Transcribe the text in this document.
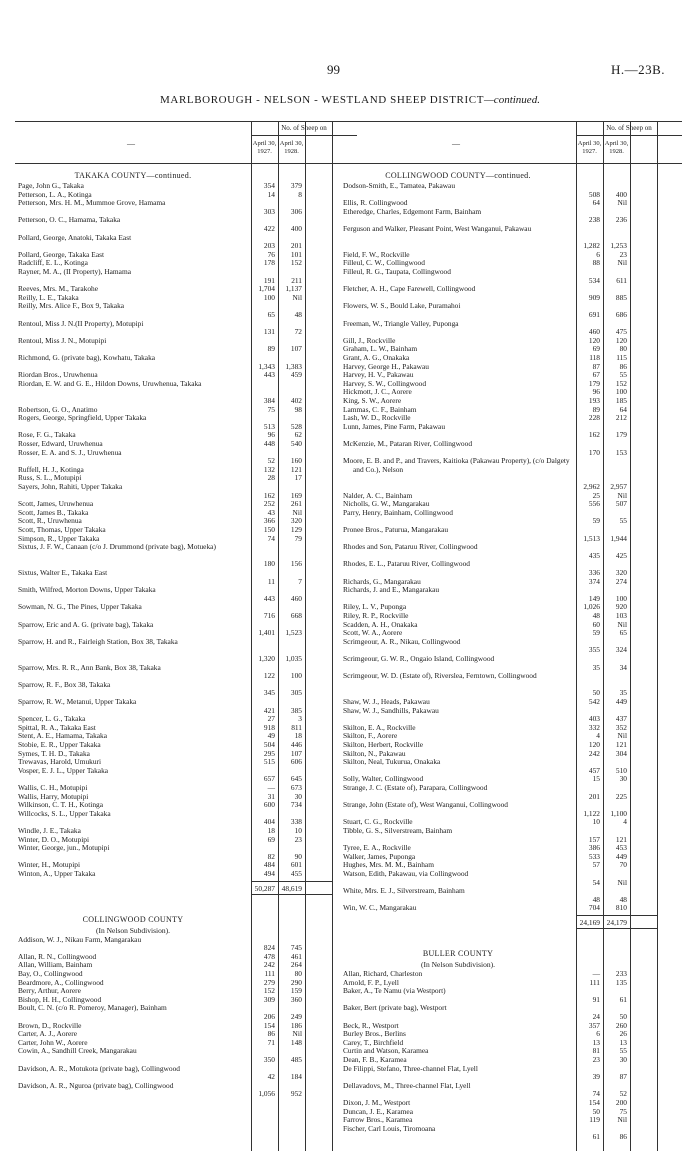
99	H.—23B.
MARLBOROUGH - NELSON - WESTLAND SHEEP DISTRICT—continued.
No. of Sheep on
—	April 30, 1927.
April 30, 1928.
TAKAKA COUNTY—continued.
Page, John G., Takaka	354	379
Petterson, L. A., Kotinga	14	8
Petterson, Mrs. H. M., Mummoe Grove, Hamama
303	306
Petterson, O. C., Hamama, Takaka
422	400
Pollard, George, Anatoki, Takaka East
203	201
Pollard, George, Takaka East	76	101
Radcliff, E. L., Kotinga	178	152
Rayner, M. A., (II Property), Hamama
191	211
Reeves, Mrs. M., Tarakohe	1,704	1,137
Reilly, L. E., Takaka	100	Nil
Reilly, Mrs. Alice F., Box 9, Takaka
65	48
Rentoul, Miss J. N.(II Property), Motupipi
131	72
Rentoul, Miss J. N., Motupipi
89	107
Richmond, G. (private bag), Kowhatu, Takaka
1,343	1,383
Riordan Bros., Uruwhenua	443	459
Riordan, E. W. and G. E., Hildon Downs, Uruwhenua, Takaka
384	402
Robertson, G. O., Anatimo	75	98
Rogers, George, Springfield, Upper Takaka
513	528
Rose, F. G., Takaka	96	62
Rosser, Edward, Uruwhenua	448	540
Rosser, E. A. and S. J., Uruwhenua
52	160
Ruffell, H. J., Kotinga	132	121
Russ, S. L., Motupipi	28	17
Sayers, John, Rahiti, Upper Takaka
162	169
Scott, James, Uruwhenua	252	261
Scott, James B., Takaka	43	Nil
Scott, R., Uruwhenua	366	320
Scott, Thomas, Upper Takaka	150	129
Simpson, R., Upper Takaka	74	79
Sixtus, J. F. W., Canaan (c/o J. Drummond (private bag), Motueka)
180	156
Sixtus, Walter E., Takaka East
11	7
Smith, Wilfred, Morton Downs, Upper Takaka
443	460
Sowman, N. G., The Pines, Upper Takaka
716	668
Sparrow, Eric and A. G. (private bag), Takaka
1,401	1,523
Sparrow, H. and R., Fairleigh Station, Box 38, Takaka
1,320	1,035
Sparrow, Mrs. R. R., Ann Bank, Box 38, Takaka
122	100
Sparrow, R. F., Box 38, Takaka
345	305
Sparrow, R. W., Metanui, Upper Takaka
421	385
Spencer, L. G., Takaka	27	3
Spittal, R. A., Takaka East	918	811
Stent, A. E., Hamama, Takaka	49	18
Stobie, E. R., Upper Takaka	504	446
Symes, T. H. D., Takaka	295	107
Trewavas, Harold, Umukuri	515	606
Vosper, E. J. L., Upper Takaka
657	645
Wallis, C. H., Motupipi	—	673
Wallis, Harry, Motupipi	31	30
Wilkinson, C. T. H., Kotinga	600	734
Willcocks, S. L., Upper Takaka
404	338
Windle, J. E., Takaka	18	10
Winter, D. O., Motupipi	69	23
Winter, George, jun., Motupipi
82	90
Winter, H., Motupipi	484	601
Winton, A., Upper Takaka	494	455
50,287 48,619
COLLINGWOOD COUNTY
(In Nelson Subdivision).
Addison, W. J., Nikau Farm, Mangarakau
824	745
Allan, R. N., Collingwood	478	461
Allan, William, Bainham	242	264
Bay, O., Collingwood	111	80
Beardmore, A., Collingwood	279	290
Berry, Arthur, Aorere	152	159
Bishop, H. H., Collingwood	309	360
Boult, C. N. (c/o R. Pomeroy, Manager), Bainham
206	249
Brown, D., Rockville	154	186
Carter, A. J., Aorere	86	Nil
Carter, John W., Aorere	71	148
Cowin, A., Sandhill Creek, Mangarakau
350	485
Davidson, A. R., Motukota (private bag), Collingwood
42	184
Davidson, A. R., Nguroa (private bag), Collingwood
1,056	952
No. of Sheep on
—	April 30, 1927.
April 30, 1928.
COLLINGWOOD COUNTY—continued.
Dodson-Smith, E., Tamatea, Pakawau
508	400
Ellis, R. Collingwood	64	Nil
Etheredge, Charles, Edgemont Farm, Bainham
238	236
Ferguson and Walker, Pleasant Point, West Wanganui, Pakawau
1,282	1,253
Field, F. W., Rockville	6	23
Filleul, C. W., Collingwood	88	Nil
Filleul, R. G., Taupata, Collingwood
534	611
Fletcher, A. H., Cape Farewell, Collingwood
909	885
Flowers, W. S., Bould Lake, Puramahoi
691	686
Freeman, W., Triangle Valley, Puponga
460	475
Gill, J., Rockville	120	120
Graham, L. W., Bainham	69	80
Grant, A. G., Onakaka	118	115
Harvey, George H., Pakawau	87	86
Harvey, H. V., Pakawau	67	55
Harvey, S. W., Collingwood	179	152
Hickmott, J. C., Aorere	96	100
King, S. W., Aorere	193	185
Lammas, C. F., Bainham	89	64
Lash, W. D., Rockville	228	212
Lunn, James, Pine Farm, Pakawau
162	179
McKenzie, M., Pataran River, Collingwood
170	153
Moore, E. B. and P., and Travers, Kaitioka (Pakawau Property), (c/o Dalgety and Co.), Nelson
2,962	2,957
Nalder, A. C., Bainham	25	Nil
Nicholls, G. W., Mangarakau	556	507
Parry, Henry, Bainham, Collingwood
59	55
Pronee Bros., Paturua, Mangarakau
1,513	1,944
Rhodes and Son, Pataruu River, Collingwood
435	425
Rhodes, E. L., Pataruu River, Collingwood
336	320
Richards, G., Mangarakau	374	274
Richards, J. and E., Mangarakau
149	100
Riley, L. V., Puponga	1,026	920
Riley, R. P., Rockville	48	103
Scadden, A. H., Onakaka	60	Nil
Scott, W. A., Aorere	59	65
Scrimgeour, A. R., Nikau, Collingwood
355	324
Scrimgeour, G. W. R., Ongaio Island, Collingwood
35	34
Scrimgeour, W. D. (Estate of), Riverslea, Ferntown, Collingwood
50	35
Shaw, W. J., Heads, Pakawau	542	449
Shaw, W. J., Sandhills, Pakawau
403	437
Skilton, E. A., Rockville	332	352
Skilton, F., Aorere	4	Nil
Skilton, Herbert, Rockville	120	121
Skilton, N., Pakawau	242	304
Skilton, Neal, Tukurua, Onakaka
457	510
Solly, Walter, Collingwood	15	30
Strange, J. C. (Estate of), Parapara, Collingwood
201	225
Strange, John (Estate of), West Wanganui, Collingwood
1,122	1,100
Stuart, C. G., Rockville	10	4
Tibble, G. S., Silverstream, Bainham
157	121
Tyree, E. A., Rockville	386	453
Walker, James, Puponga	533	449
Hughes, Mrs. M. M., Bainham	57	70
Watson, Edith, Pakawau, via Collingwood
54	Nil
White, Mrs. E. J., Silverstream, Bainham
48	48
Win, W. C., Mangarakau	704	810
24,169 24,179
BULLER COUNTY
(In Nelson Subdivision).
Allan, Richard, Charleston	—	233
Arnold, F. P., Lyell	111	135
Baker, A., Te Namu (via Westport)
91	61
Baker, Bert (private bag), Westport
24	50
Beck, R., Westport	357	260
Burley Bros., Berlins	6	26
Carey, T., Birchfield	13	13
Curtin and Watson, Karamea	81	55
Dean, F. B., Karamea	23	30
De Filippi, Stefano, Three-channel Flat, Lyell
39	87
Dellavadovs, M., Three-channel Flat, Lyell
74	52
Dixon, J. M., Westport	154	200
Duncan, J. E., Karamea	50	75
Farrow Bros., Karamea	119	Nil
Fischer, Carl Louis, Tiromoana
61	86
